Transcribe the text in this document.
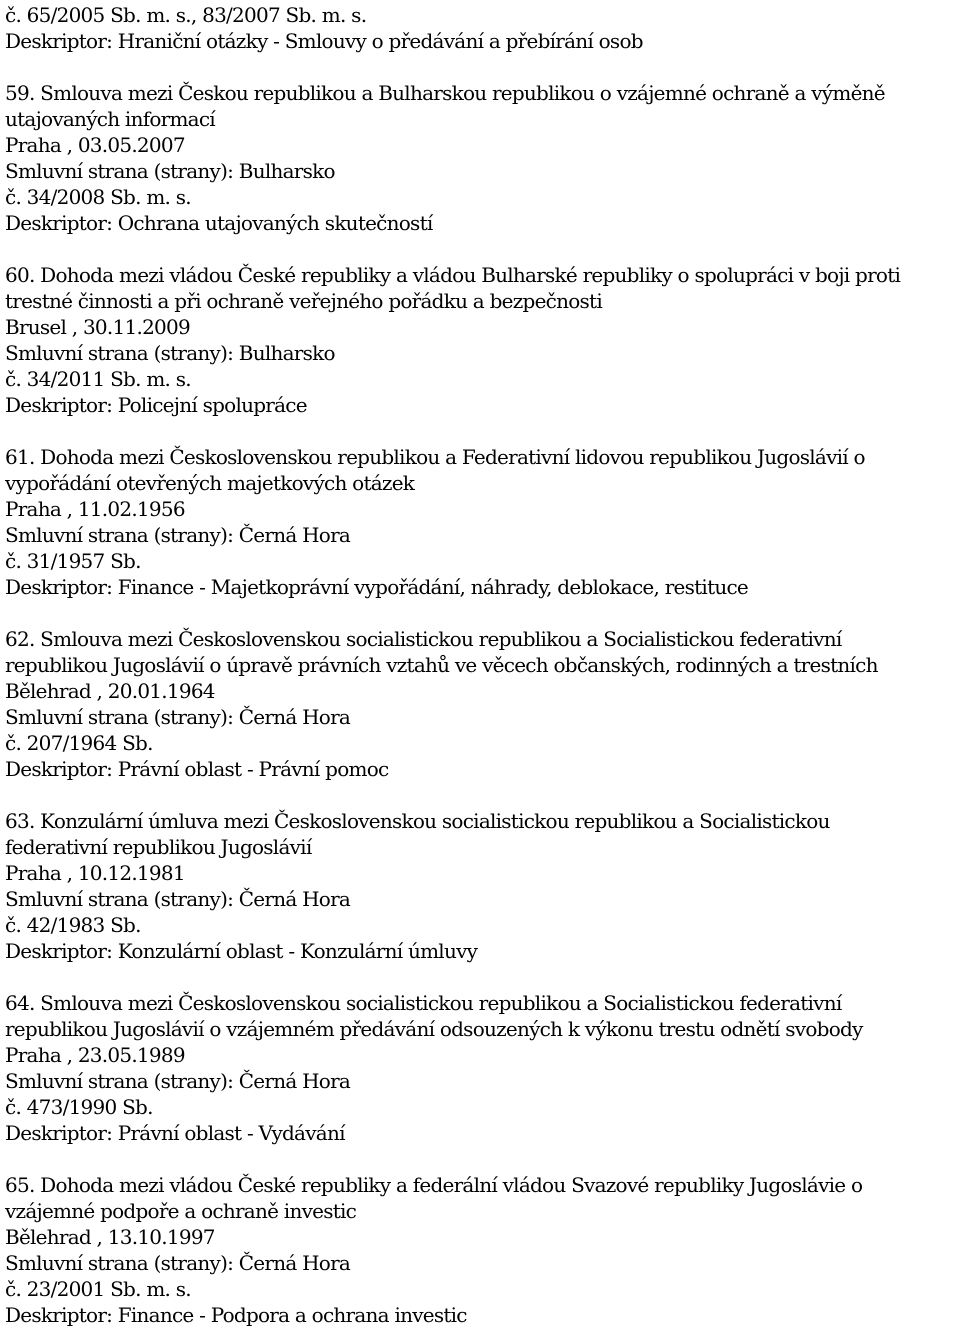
č. 65/2005 Sb. m. s., 83/2007 Sb. m. s.
Deskriptor: Hraniční otázky - Smlouvy o předávání a přebírání osob
59. Smlouva mezi Českou republikou a Bulharskou republikou o vzájemné ochraně a výměně
utajovaných informací
Praha , 03.05.2007
Smluvní strana (strany): Bulharsko
č. 34/2008 Sb. m. s.
Deskriptor: Ochrana utajovaných skutečností
60. Dohoda mezi vládou České republiky a vládou Bulharské republiky o spolupráci v boji proti
trestné činnosti a při ochraně veřejného pořádku a bezpečnosti
Brusel , 30.11.2009
Smluvní strana (strany): Bulharsko
č. 34/2011 Sb. m. s.
Deskriptor: Policejní spolupráce
61. Dohoda mezi Československou republikou a Federativní lidovou republikou Jugoslávií o
vypořádání otevřených majetkových otázek
Praha , 11.02.1956
Smluvní strana (strany): Černá Hora
č. 31/1957 Sb.
Deskriptor: Finance - Majetkoprávní vypořádání, náhrady, deblokace, restituce
62. Smlouva mezi Československou socialistickou republikou a Socialistickou federativní
republikou Jugoslávií o úpravě právních vztahů ve věcech občanských, rodinných a trestních
Bělehrad , 20.01.1964
Smluvní strana (strany): Černá Hora
č. 207/1964 Sb.
Deskriptor: Právní oblast - Právní pomoc
63. Konzulární úmluva mezi Československou socialistickou republikou a Socialistickou
federativní republikou Jugoslávií
Praha , 10.12.1981
Smluvní strana (strany): Černá Hora
č. 42/1983 Sb.
Deskriptor: Konzulární oblast - Konzulární úmluvy
64. Smlouva mezi Československou socialistickou republikou a Socialistickou federativní
republikou Jugoslávií o vzájemném předávání odsouzených k výkonu trestu odnětí svobody
Praha , 23.05.1989
Smluvní strana (strany): Černá Hora
č. 473/1990 Sb.
Deskriptor: Právní oblast - Vydávání
65. Dohoda mezi vládou České republiky a federální vládou Svazové republiky Jugoslávie o
vzájemné podpoře a ochraně investic
Bělehrad , 13.10.1997
Smluvní strana (strany): Černá Hora
č. 23/2001 Sb. m. s.
Deskriptor: Finance - Podpora a ochrana investic
